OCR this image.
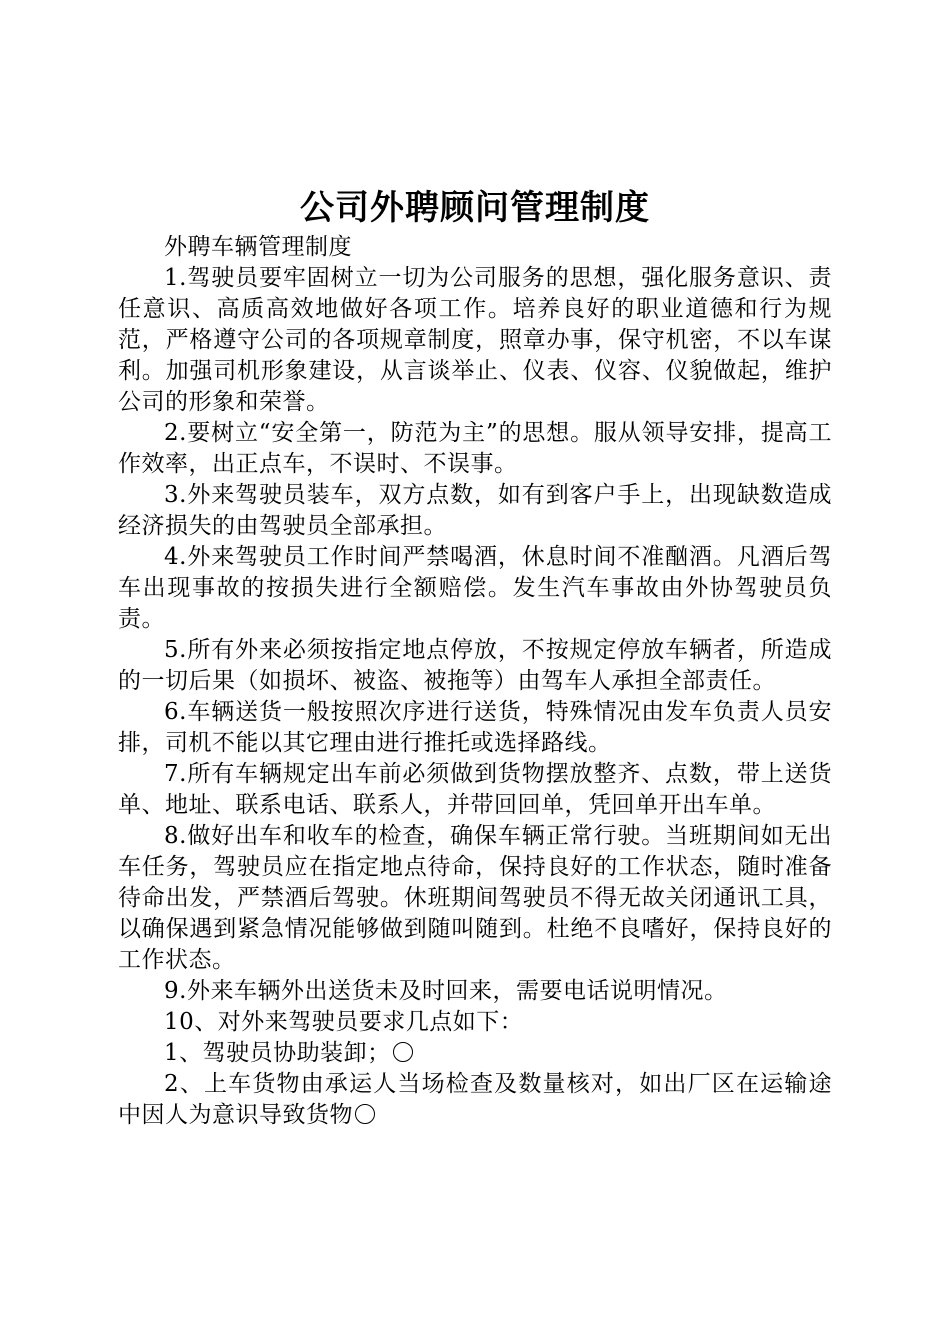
公司外聘顾问管理制度

外聘车辆管理制度

1.驾驶员要牢固树立一切为公司服务的思想，强化服务意识、责任意识、高质高效地做好各项工作。培养良好的职业道德和行为规范，严格遵守公司的各项规章制度，照章办事，保守机密，不以车谋利。加强司机形象建设，从言谈举止、仪表、仪容、仪貌做起，维护公司的形象和荣誉。

2.要树立“安全第一，防范为主”的思想。服从领导安排，提高工作效率，出正点车，不误时、不误事。

3.外来驾驶员装车，双方点数，如有到客户手上，出现缺数造成经济损失的由驾驶员全部承担。

4.外来驾驶员工作时间严禁喝酒，休息时间不准酗酒。凡酒后驾车出现事故的按损失进行全额赔偿。发生汽车事故由外协驾驶员负责。

5.所有外来必须按指定地点停放，不按规定停放车辆者，所造成的一切后果（如损坏、被盗、被拖等）由驾车人承担全部责任。

6.车辆送货一般按照次序进行送货，特殊情况由发车负责人员安排，司机不能以其它理由进行推托或选择路线。

7.所有车辆规定出车前必须做到货物摆放整齐、点数，带上送货单、地址、联系电话、联系人，并带回回单，凭回单开出车单。

8.做好出车和收车的检查，确保车辆正常行驶。当班期间如无出车任务，驾驶员应在指定地点待命，保持良好的工作状态，随时准备待命出发，严禁酒后驾驶。休班期间驾驶员不得无故关闭通讯工具，以确保遇到紧急情况能够做到随叫随到。杜绝不良嗜好，保持良好的工作状态。

9.外来车辆外出送货未及时回来，需要电话说明情况。

10、对外来驾驶员要求几点如下：

1、驾驶员协助装卸；

2、上车货物由承运人当场检查及数量核对，如出厂区在运输途中因人为意识导致货物
